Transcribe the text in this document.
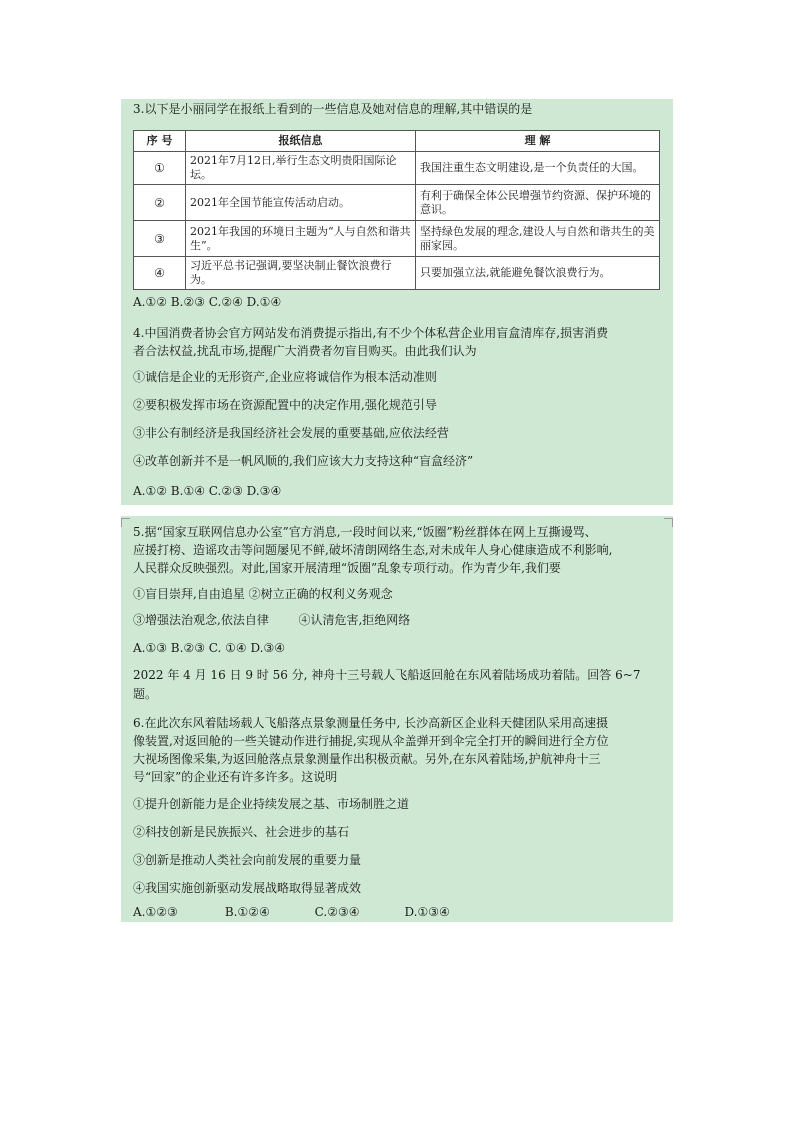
3.以下是小丽同学在报纸上看到的一些信息及她对信息的理解,其中错误的是
序 号	报纸信息	理 解
①	2021年7月12日,举行生态文明贵阳国际论坛。	我国注重生态文明建设,是一个负责任的大国。
②	2021年全国节能宣传活动启动。	有利于确保全体公民增强节约资源、保护环境的意识。
③	2021年我国的环境日主题为“人与自然和谐共生”。	坚持绿色发展的理念,建设人与自然和谐共生的美丽家园。
④	习近平总书记强调,要坚决制止餐饮浪费行为。	只要加强立法,就能避免餐饮浪费行为。
A.①② B.②③ C.②④ D.①④
4.中国消费者协会官方网站发布消费提示指出,有不少个体私营企业用盲盒清库存,损害消费
者合法权益,扰乱市场,提醒广大消费者勿盲目购买。由此我们认为
①诚信是企业的无形资产,企业应将诚信作为根本活动准则
②要积极发挥市场在资源配置中的决定作用,强化规范引导
③非公有制经济是我国经济社会发展的重要基础,应依法经营
④改革创新并不是一帆风顺的,我们应该大力支持这种“盲盒经济”
A.①② B.①④ C.②③ D.③④
5.据“国家互联网信息办公室”官方消息,一段时间以来,“饭圈”粉丝群体在网上互撕谩骂、
应援打榜、造谣攻击等问题屡见不鲜,破坏清朗网络生态,对未成年人身心健康造成不利影响,
人民群众反映强烈。对此,国家开展清理“饭圈”乱象专项行动。作为青少年,我们要
①盲目崇拜,自由追星 ②树立正确的权利义务观念
③增强法治观念,依法自律 ④认清危害,拒绝网络
A.①③ B.②③ C. ①④ D.③④
2022 年 4 月 16 日 9 时 56 分, 神舟十三号载人飞船返回舱在东风着陆场成功着陆。回答 6~7
题。
6.在此次东风着陆场载人飞船落点景象测量任务中, 长沙高新区企业科天健团队采用高速摄
像装置,对返回舱的一些关键动作进行捕捉,实现从伞盖弹开到伞完全打开的瞬间进行全方位
大视场图像采集,为返回舱落点景象测量作出积极贡献。另外,在东风着陆场,护航神舟十三
号“回家”的企业还有许多许多。这说明
①提升创新能力是企业持续发展之基、市场制胜之道
②科技创新是民族振兴、社会进步的基石
③创新是推动人类社会向前发展的重要力量
④我国实施创新驱动发展战略取得显著成效
A.①②③	B.①②④	C.②③④	D.①③④
